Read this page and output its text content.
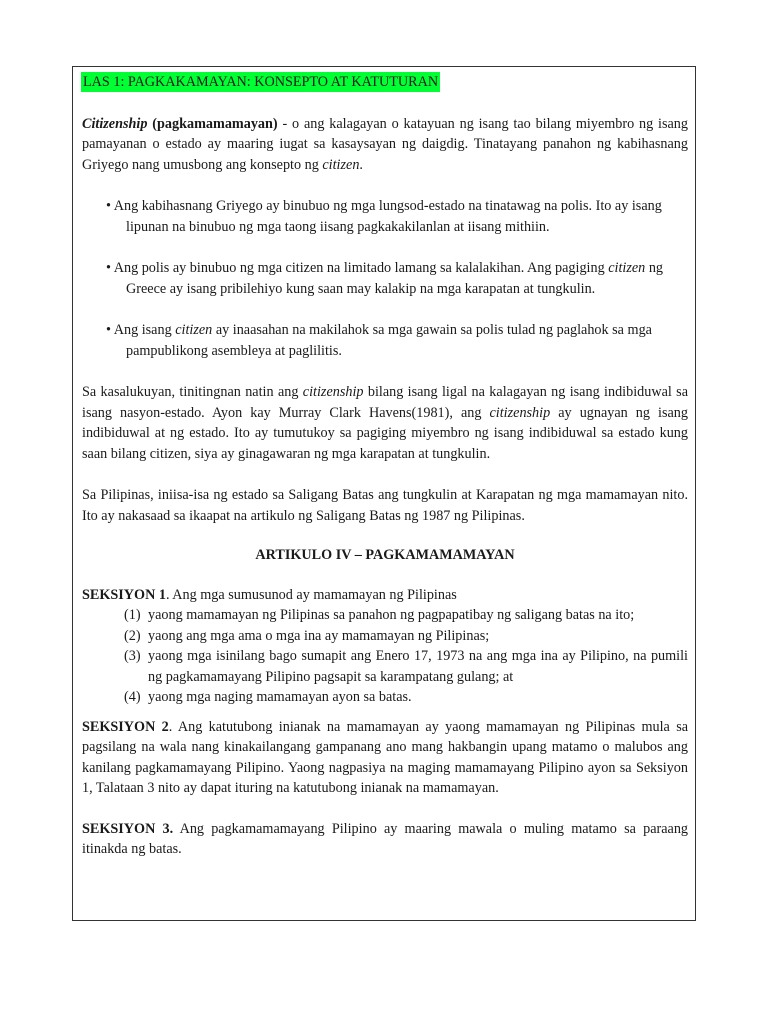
LAS 1: PAGKAKAMAYAN: KONSEPTO AT KATUTURAN

Citizenship (pagkamamamayan) - o ang kalagayan o katayuan ng isang tao bilang miyembro ng isang pamayanan o estado ay maaring iugat sa kasaysayan ng daigdig. Tinatayang panahon ng kabihasnang Griyego nang umusbong ang konsepto ng citizen.

• Ang kabihasnang Griyego ay binubuo ng mga lungsod-estado na tinatawag na polis. Ito ay isang lipunan na binubuo ng mga taong iisang pagkakakilanlan at iisang mithiin.

• Ang polis ay binubuo ng mga citizen na limitado lamang sa kalalakihan. Ang pagiging citizen ng Greece ay isang pribilehiyo kung saan may kalakip na mga karapatan at tungkulin.

• Ang isang citizen ay inaasahan na makilahok sa mga gawain sa polis tulad ng paglahok sa mga pampublikong asembleya at paglilitis.

Sa kasalukuyan, tinitingnan natin ang citizenship bilang isang ligal na kalagayan ng isang indibiduwal sa isang nasyon-estado. Ayon kay Murray Clark Havens(1981), ang citizenship ay ugnayan ng isang indibiduwal at ng estado. Ito ay tumutukoy sa pagiging miyembro ng isang indibiduwal sa estado kung saan bilang citizen, siya ay ginagawaran ng mga karapatan at tungkulin.

Sa Pilipinas, iniisa-isa ng estado sa Saligang Batas ang tungkulin at Karapatan ng mga mamamayan nito. Ito ay nakasaad sa ikaapat na artikulo ng Saligang Batas ng 1987 ng Pilipinas.

ARTIKULO IV – PAGKAMAMAMAYAN

SEKSIYON 1. Ang mga sumusunod ay mamamayan ng Pilipinas

(1) yaong mamamayan ng Pilipinas sa panahon ng pagpapatibay ng saligang batas na ito;
(2) yaong ang mga ama o mga ina ay mamamayan ng Pilipinas;
(3) yaong mga isinilang bago sumapit ang Enero 17, 1973 na ang mga ina ay Pilipino, na pumili ng pagkamamayang Pilipino pagsapit sa karampatang gulang; at
(4) yaong mga naging mamamayan ayon sa batas.

SEKSIYON 2. Ang katutubong inianak na mamamayan ay yaong mamamayan ng Pilipinas mula sa pagsilang na wala nang kinakailangang gampanang ano mang hakbangin upang matamo o malubos ang kanilang pagkamamayang Pilipino. Yaong nagpasiya na maging mamamayang Pilipino ayon sa Seksiyon 1, Talataan 3 nito ay dapat ituring na katutubong inianak na mamamayan.

SEKSIYON 3. Ang pagkamamamayang Pilipino ay maaring mawala o muling matamo sa paraang itinakda ng batas.
